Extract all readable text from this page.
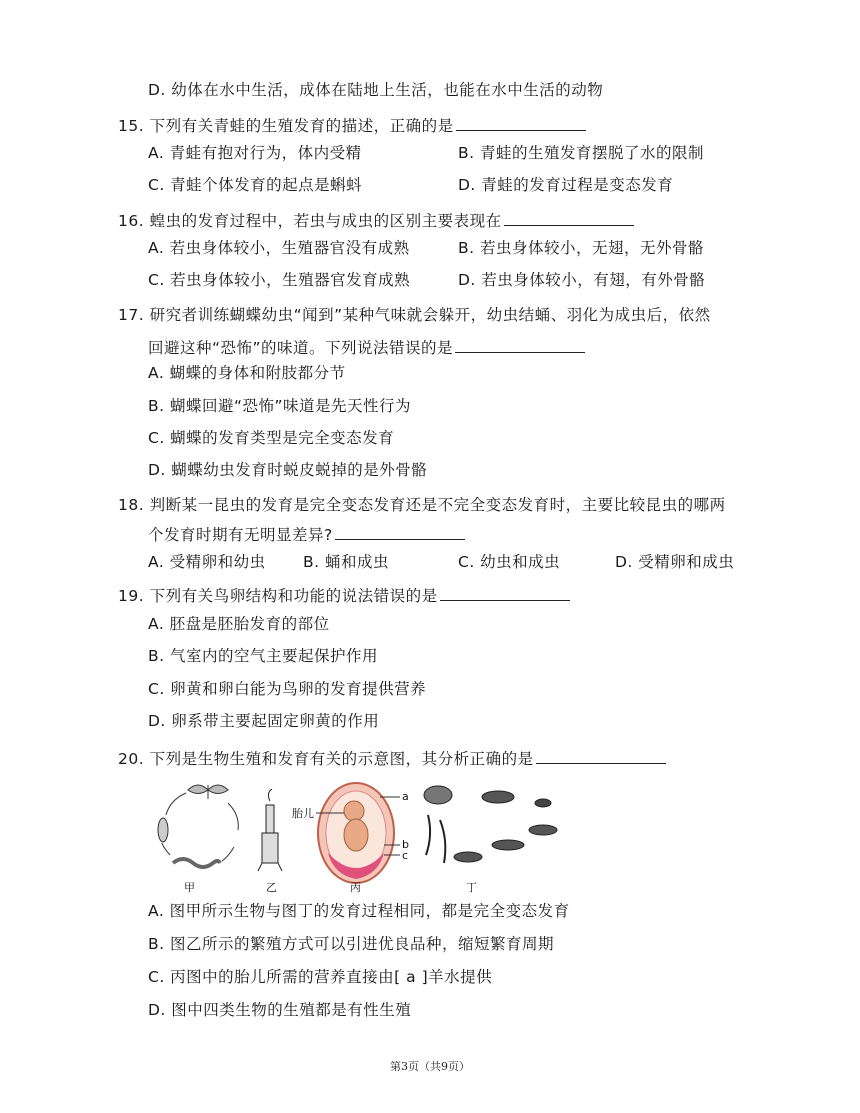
D. 幼体在水中生活，成体在陆地上生活，也能在水中生活的动物
15. 下列有关青蛙的生殖发育的描述，正确的是
A. 青蛙有抱对行为，体内受精	B. 青蛙的生殖发育摆脱了水的限制
C. 青蛙个体发育的起点是蝌蚪	D. 青蛙的发育过程是变态发育
16. 蝗虫的发育过程中，若虫与成虫的区别主要表现在
A. 若虫身体较小，生殖器官没有成熟	B. 若虫身体较小，无翅，无外骨骼
C. 若虫身体较小，生殖器官发育成熟	D. 若虫身体较小，有翅，有外骨骼
17. 研究者训练蝴蝶幼虫“闻到”某种气味就会躲开，幼虫结蛹、羽化为成虫后，依然
回避这种“恐怖”的味道。下列说法错误的是
A. 蝴蝶的身体和附肢都分节
B. 蝴蝶回避“恐怖”味道是先天性行为
C. 蝴蝶的发育类型是完全变态发育
D. 蝴蝶幼虫发育时蜕皮蜕掉的是外骨骼
18. 判断某一昆虫的发育是完全变态发育还是不完全变态发育时，主要比较昆虫的哪两
个发育时期有无明显差异?
A. 受精卵和幼虫 B. 蛹和成虫	C. 幼虫和成虫	D. 受精卵和成虫
19. 下列有关鸟卵结构和功能的说法错误的是
A. 胚盘是胚胎发育的部位
B. 气室内的空气主要起保护作用
C. 卵黄和卵白能为鸟卵的发育提供营养
D. 卵系带主要起固定卵黄的作用
20. 下列是生物生殖和发育有关的示意图，其分析正确的是
甲	乙	丙	丁
胎儿
a
b
c
A. 图甲所示生物与图丁的发育过程相同，都是完全变态发育
B. 图乙所示的繁殖方式可以引进优良品种，缩短繁育周期
C. 丙图中的胎儿所需的营养直接由[ a ]羊水提供
D. 图中四类生物的生殖都是有性生殖
第3页（共9页）
